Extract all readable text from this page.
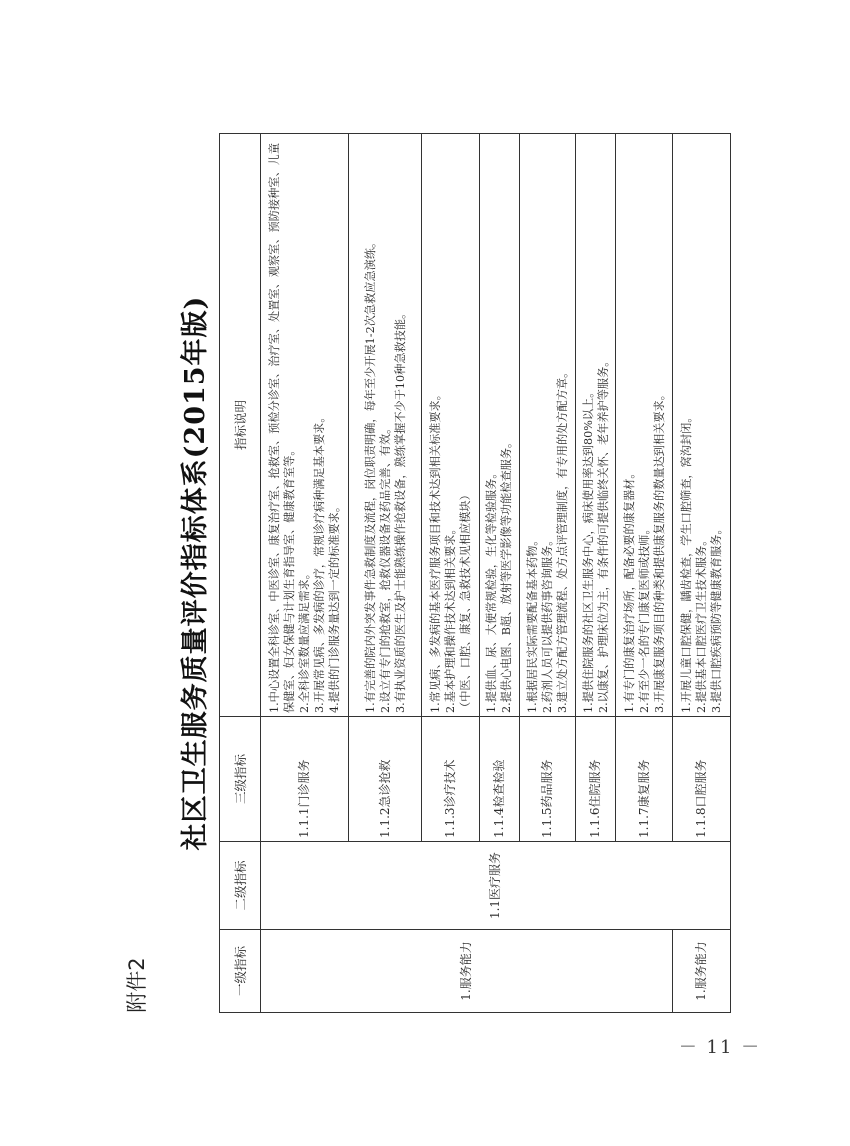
附件2
－ 11 －
社区卫生服务质量评价指标体系(2015年版)
一级指标	二级指标	三级指标	指标说明
1.服务能力	1.1医疗服务	1.1.1门诊服务	1.中心设置全科诊室、中医诊室、康复治疗室、抢救室、预检分诊室、治疗室、处置室、观察室、预防接种室、儿童保健室、妇女保健与计划生育指导室、健康教育室等。 2.全科诊室数量应满足需求。 3.开展常见病、多发病的诊疗，常规诊疗病种满足基本要求。 4.提供的门诊服务量达到一定的标准要求。

		1.1.2急诊抢救	1.有完善的院内外突发事件急救制度及流程，岗位职责明确，每年至少开展1-2次急救应急演练。 2.设立有专门的抢救室，抢救仪器设备及药品完善、有效。 3.有执业资质的医生及护士能熟练操作抢救设备，熟练掌握不少于10种急救技能。

		1.1.3诊疗技术	1.常见病、多发病的基本医疗服务项目和技术达到相关标准要求。 2.基本护理和操作技术达到相关要求。 （中医、口腔、康复、急救技术见相应模块）

		1.1.4检查检验	1.提供血、尿、大便常规检验，生化等检验服务。 2.提供心电图、B超、放射等医学影像等功能检查服务。

		1.1.5药品服务	1.根据居民实际需要配备基本药物。 2.药剂人员可以提供药事咨询服务。 3.建立处方配方管理流程、处方点评管理制度，有专用的处方配方章。

		1.1.6住院服务	1.提供住院服务的社区卫生服务中心，病床使用率达到80%以上。 2.以康复、护理床位为主，有条件的可提供临终关怀、老年养护等服务。

		1.1.7康复服务	1.有专门的康复治疗场所，配备必要的康复器材。 2.有至少一名的专门康复医师或技师。 3.开展康复服务项目的种类和提供康复服务的数量达到相关要求。

1.服务能力		1.1.8口腔服务	1.开展儿童口腔保健，龋齿检查，学生口腔筛查，窝沟封闭。 2.提供基本口腔医疗卫生技术服务。 3.提供口腔疾病预防等健康教育服务。
